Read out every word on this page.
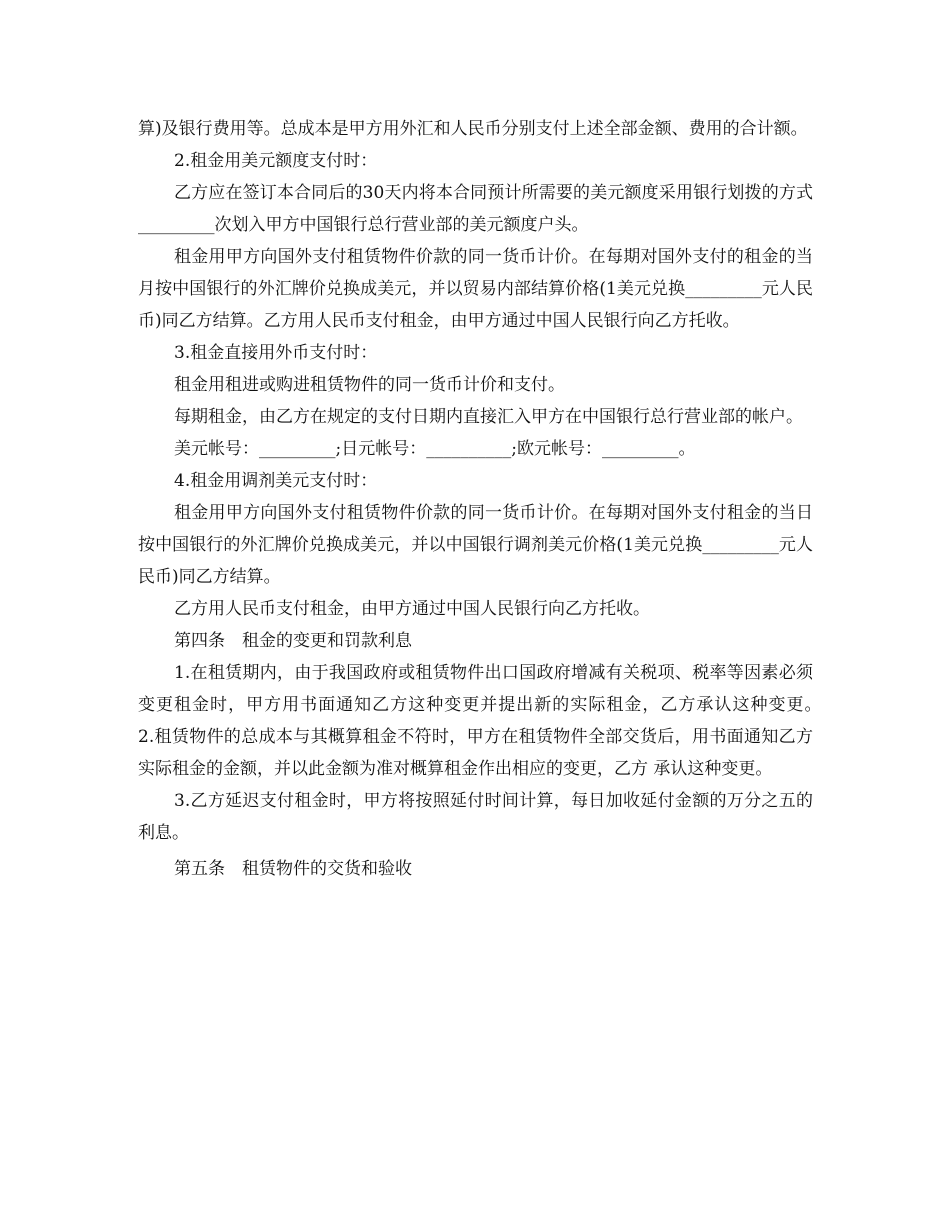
算)及银行费用等。总成本是甲方用外汇和人民币分别支付上述全部金额、费用的合计额。

2.租金用美元额度支付时：

乙方应在签订本合同后的30天内将本合同预计所需要的美元额度采用银行划拨的方式_________次划入甲方中国银行总行营业部的美元额度户头。

租金用甲方向国外支付租赁物件价款的同一货币计价。在每期对国外支付的租金的当月按中国银行的外汇牌价兑换成美元，并以贸易内部结算价格(1美元兑换_________元人民币)同乙方结算。乙方用人民币支付租金，由甲方通过中国人民银行向乙方托收。

3.租金直接用外币支付时：

租金用租进或购进租赁物件的同一货币计价和支付。

每期租金，由乙方在规定的支付日期内直接汇入甲方在中国银行总行营业部的帐户。

美元帐号：_________;日元帐号：__________;欧元帐号：_________。

4.租金用调剂美元支付时：

租金用甲方向国外支付租赁物件价款的同一货币计价。在每期对国外支付租金的当日按中国银行的外汇牌价兑换成美元，并以中国银行调剂美元价格(1美元兑换_________元人民币)同乙方结算。

乙方用人民币支付租金，由甲方通过中国人民银行向乙方托收。

第四条　租金的变更和罚款利息

1.在租赁期内，由于我国政府或租赁物件出口国政府增减有关税项、税率等因素必须变更租金时，甲方用书面通知乙方这种变更并提出新的实际租金，乙方承认这种变更。　 2.租赁物件的总成本与其概算租金不符时，甲方在租赁物件全部交货后，用书面通知乙方实际租金的金额，并以此金额为准对概算租金作出相应的变更，乙方 承认这种变更。

3.乙方延迟支付租金时，甲方将按照延付时间计算，每日加收延付金额的万分之五的利息。

第五条　租赁物件的交货和验收
